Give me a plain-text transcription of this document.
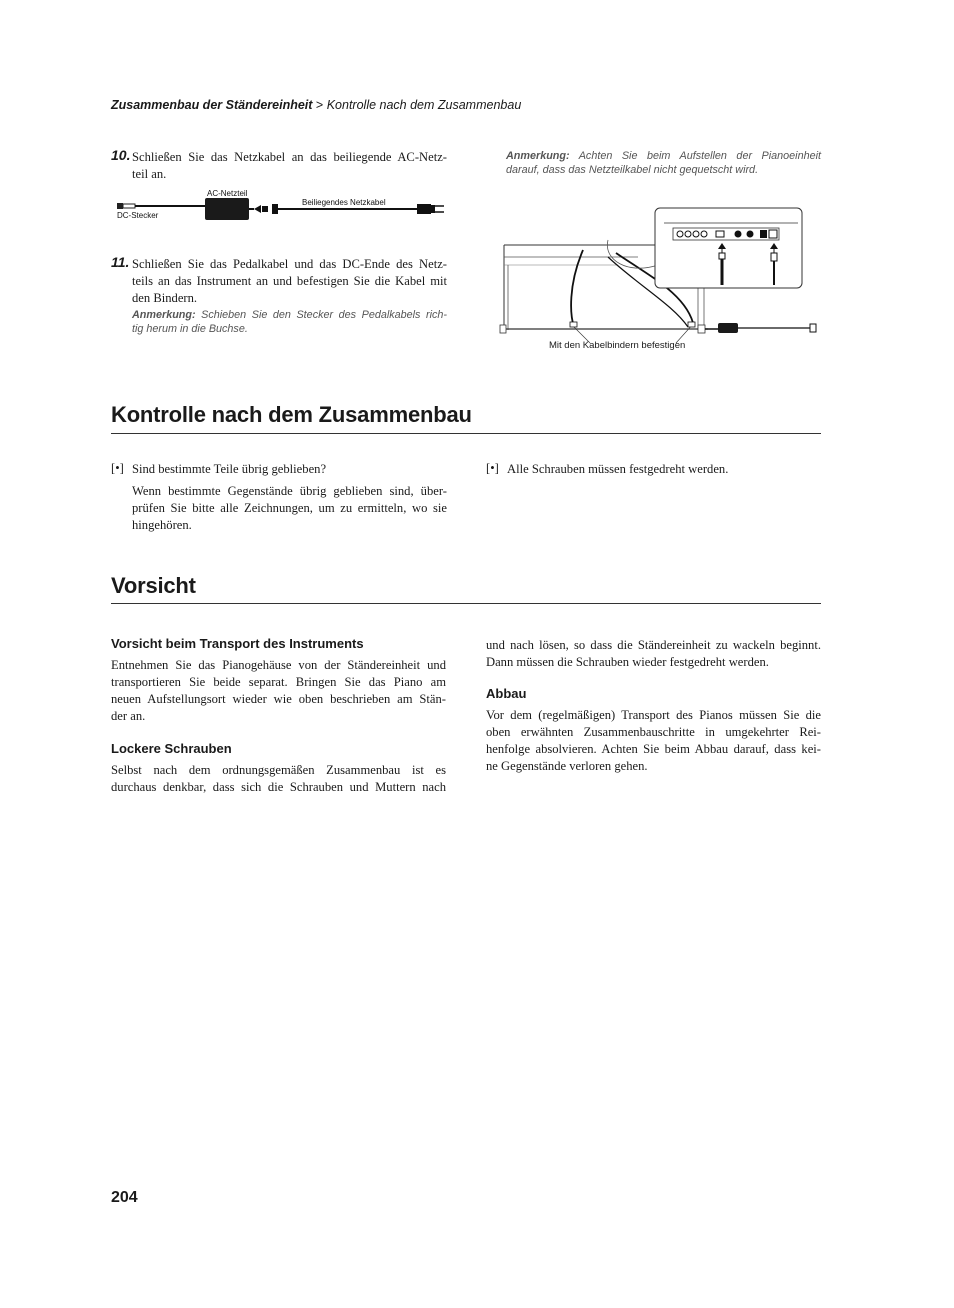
Zusammenbau der Ständereinheit > Kontrolle nach dem Zusammenbau
10. Schließen Sie das Netzkabel an das beiliegende AC-Netz-
teil an.
AC-Netzteil
Beiliegendes Netzkabel
DC-Stecker
11. Schließen Sie das Pedalkabel und das DC-Ende des Netz-
teils an das Instrument an und befestigen Sie die Kabel mit
den Bindern.
Anmerkung: Schieben Sie den Stecker des Pedalkabels rich-
tig herum in die Buchse.
Anmerkung: Achten Sie beim Aufstellen der Pianoeinheit
darauf, dass das Netzteilkabel nicht gequetscht wird.
Mit den Kabelbindern befestigen
Kontrolle nach dem Zusammenbau
[•] Sind bestimmte Teile übrig geblieben?
Wenn bestimmte Gegenstände übrig geblieben sind, über-
prüfen Sie bitte alle Zeichnungen, um zu ermitteln, wo sie
hingehören.
[•] Alle Schrauben müssen festgedreht werden.
Vorsicht
Vorsicht beim Transport des Instruments
Entnehmen Sie das Pianogehäuse von der Ständereinheit und
transportieren Sie beide separat. Bringen Sie das Piano am
neuen Aufstellungsort wieder wie oben beschrieben am Stän-
der an.
Lockere Schrauben
Selbst nach dem ordnungsgemäßen Zusammenbau ist es
durchaus denkbar, dass sich die Schrauben und Muttern nach
und nach lösen, so dass die Ständereinheit zu wackeln beginnt.
Dann müssen die Schrauben wieder festgedreht werden.
Abbau
Vor dem (regelmäßigen) Transport des Pianos müssen Sie die
oben erwähnten Zusammenbauschritte in umgekehrter Rei-
henfolge absolvieren. Achten Sie beim Abbau darauf, dass kei-
ne Gegenstände verloren gehen.
204
